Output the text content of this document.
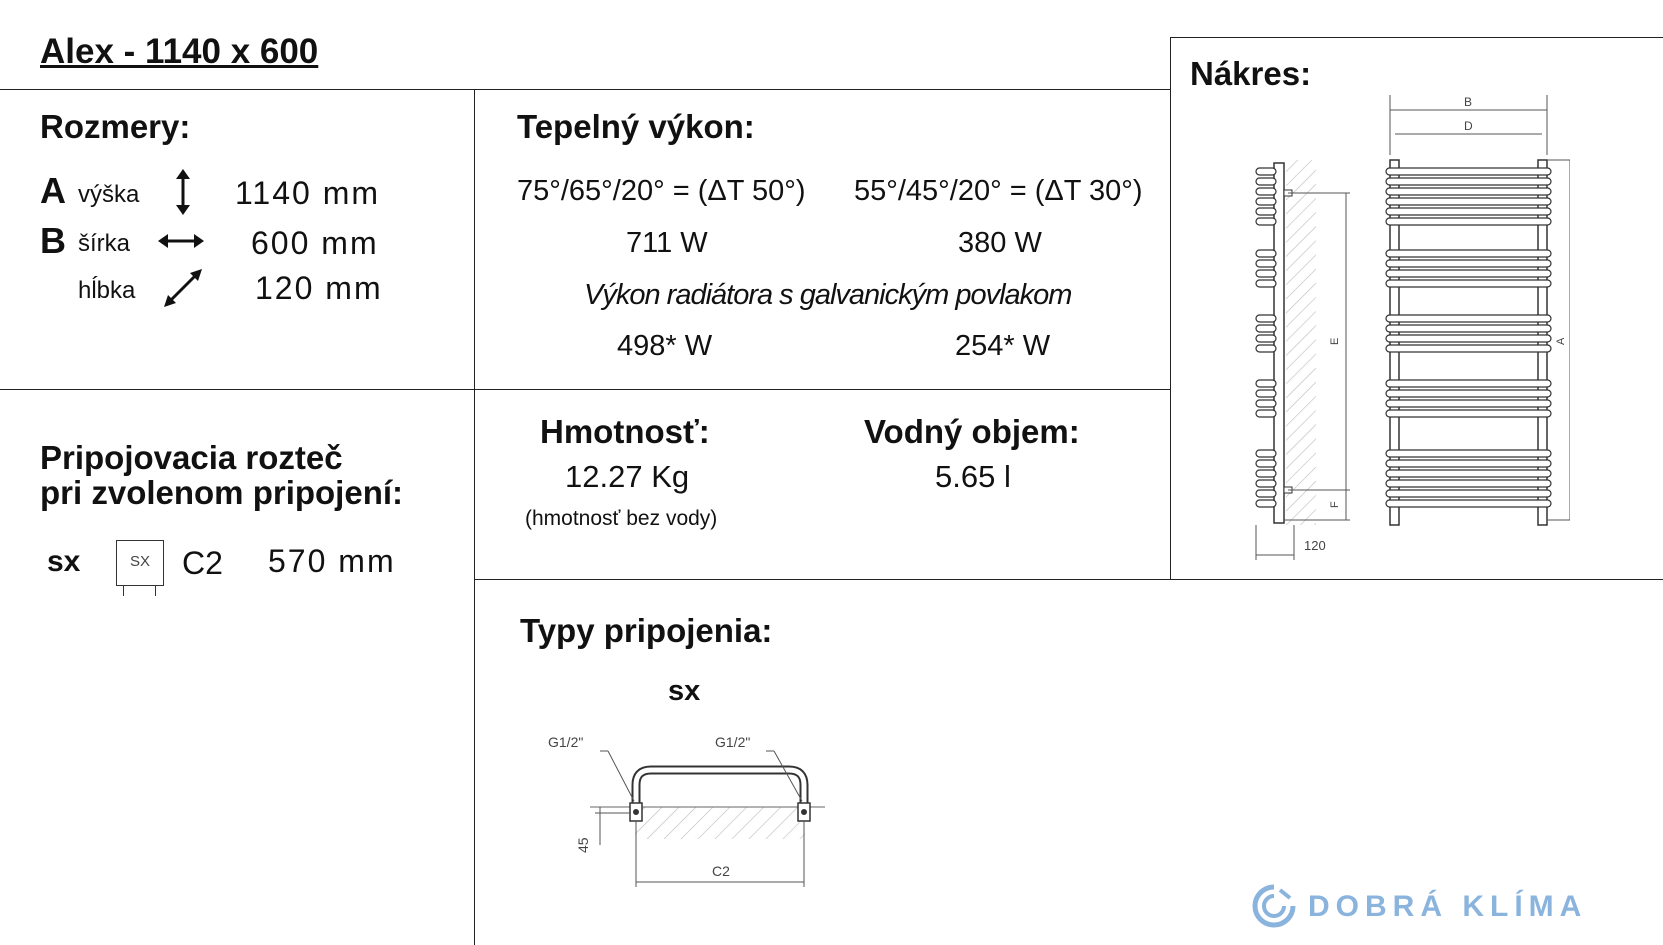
Alex - 1140 x 600
Rozmery:
A výška	1140 mm
B šírka	600 mm
hĺbka	120 mm
Tepelný výkon:
75°/65°/20° = (ΔT 50°) 55°/45°/20° = (ΔT 30°)
711 W	380 W
Výkon radiátora s galvanickým povlakom
498* W	254* W
Nákres:
E
F
120
B
D
A
Pripojovacia rozteč
pri zvolenom pripojení:
sx	SX	C2 570 mm
Hmotnosť:
12.27 Kg
(hmotnosť bez vody)
Vodný objem:
5.65 l
Typy pripojenia:
sx
G1/2"	G1/2"
45
C2
DOBRÁ KLÍMA
